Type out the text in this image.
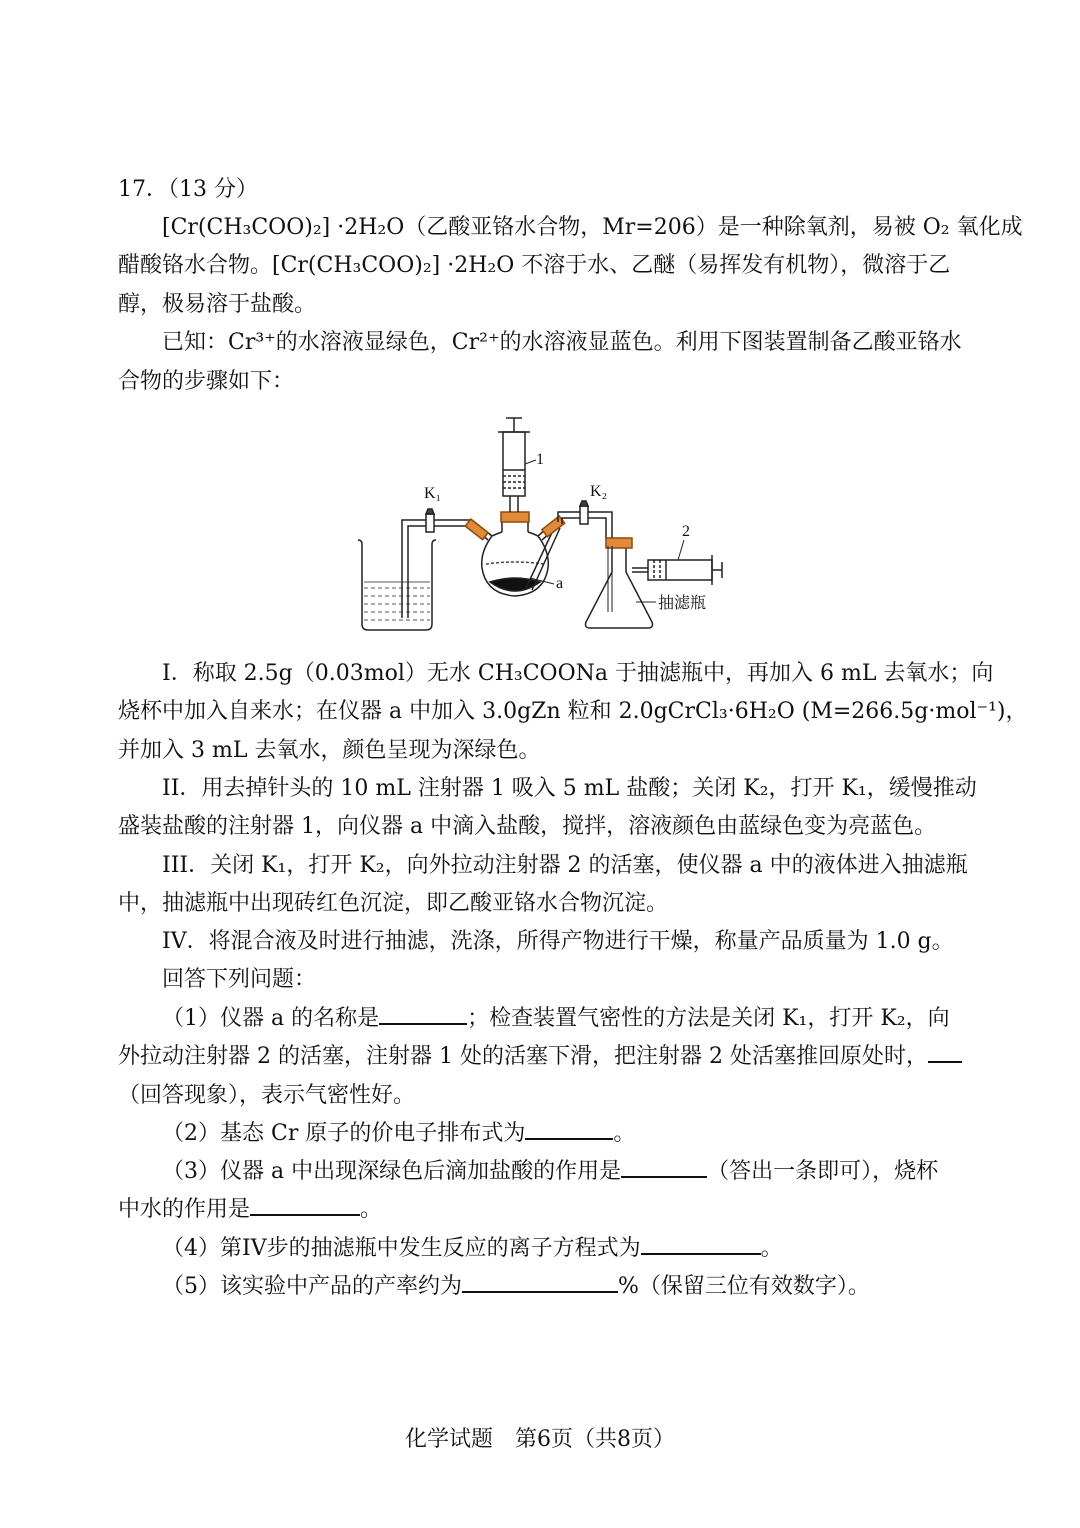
17．（13 分）
[Cr(CH₃COO)₂] ·2H₂O（乙酸亚铬水合物，Mr=206）是一种除氧剂，易被 O₂ 氧化成
醋酸铬水合物。[Cr(CH₃COO)₂] ·2H₂O 不溶于水、乙醚（易挥发有机物），微溶于乙
醇，极易溶于盐酸。
已知：Cr³⁺的水溶液显绿色，Cr²⁺的水溶液显蓝色。利用下图装置制备乙酸亚铬水
合物的步骤如下：
K₁
1
a
K₂
抽滤瓶
2
I．称取 2.5g（0.03mol）无水 CH₃COONa 于抽滤瓶中，再加入 6 mL 去氧水；向
烧杯中加入自来水；在仪器 a 中加入 3.0gZn 粒和 2.0gCrCl₃·6H₂O (M=266.5g·mol⁻¹)，
并加入 3 mL 去氧水，颜色呈现为深绿色。
II．用去掉针头的 10 mL 注射器 1 吸入 5 mL 盐酸；关闭 K₂，打开 K₁，缓慢推动
盛装盐酸的注射器 1，向仪器 a 中滴入盐酸，搅拌，溶液颜色由蓝绿色变为亮蓝色。
III．关闭 K₁，打开 K₂，向外拉动注射器 2 的活塞，使仪器 a 中的液体进入抽滤瓶
中，抽滤瓶中出现砖红色沉淀，即乙酸亚铬水合物沉淀。
IV．将混合液及时进行抽滤，洗涤，所得产物进行干燥，称量产品质量为 1.0 g。
回答下列问题：
（1）仪器 a 的名称是	；检查装置气密性的方法是关闭 K₁，打开 K₂，向
外拉动注射器 2 的活塞，注射器 1 处的活塞下滑，把注射器 2 处活塞推回原处时，
（回答现象），表示气密性好。
（2）基态 Cr 原子的价电子排布式为	。
（3）仪器 a 中出现深绿色后滴加盐酸的作用是	（答出一条即可），烧杯
中水的作用是	。
（4）第IV步的抽滤瓶中发生反应的离子方程式为	。
（5）该实验中产品的产率约为	%（保留三位有效数字）。
化学试题　第6页（共8页）
